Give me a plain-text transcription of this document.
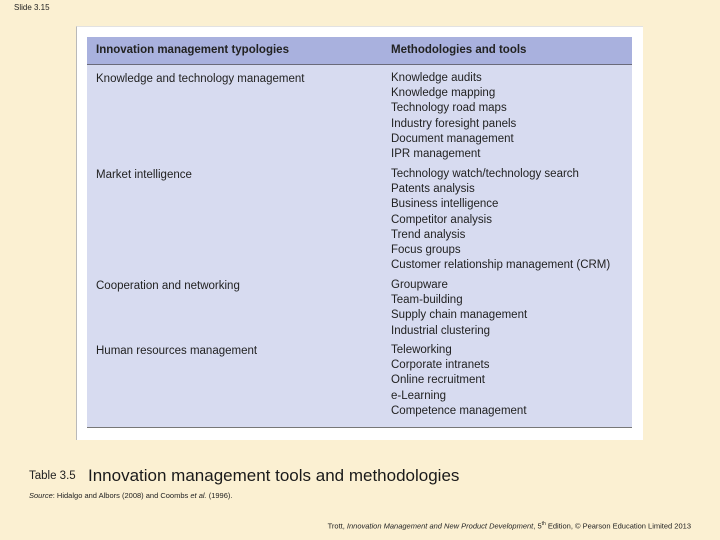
Slide 3.15
Innovation management typologies	Methodologies and tools
Knowledge and technology management	Knowledge audits
Knowledge mapping
Technology road maps
Industry foresight panels
Document management
IPR management
Market intelligence	Technology watch/technology search
Patents analysis
Business intelligence
Competitor analysis
Trend analysis
Focus groups
Customer relationship management (CRM)
Cooperation and networking	Groupware
Team-building
Supply chain management
Industrial clustering
Human resources management	Teleworking
Corporate intranets
Online recruitment
e-Learning
Competence management
Table 3.5 Innovation management tools and methodologies
Source: Hidalgo and Albors (2008) and Coombs et al. (1996).
Trott, Innovation Management and New Product Development, 5th Edition, © Pearson Education Limited 2013
